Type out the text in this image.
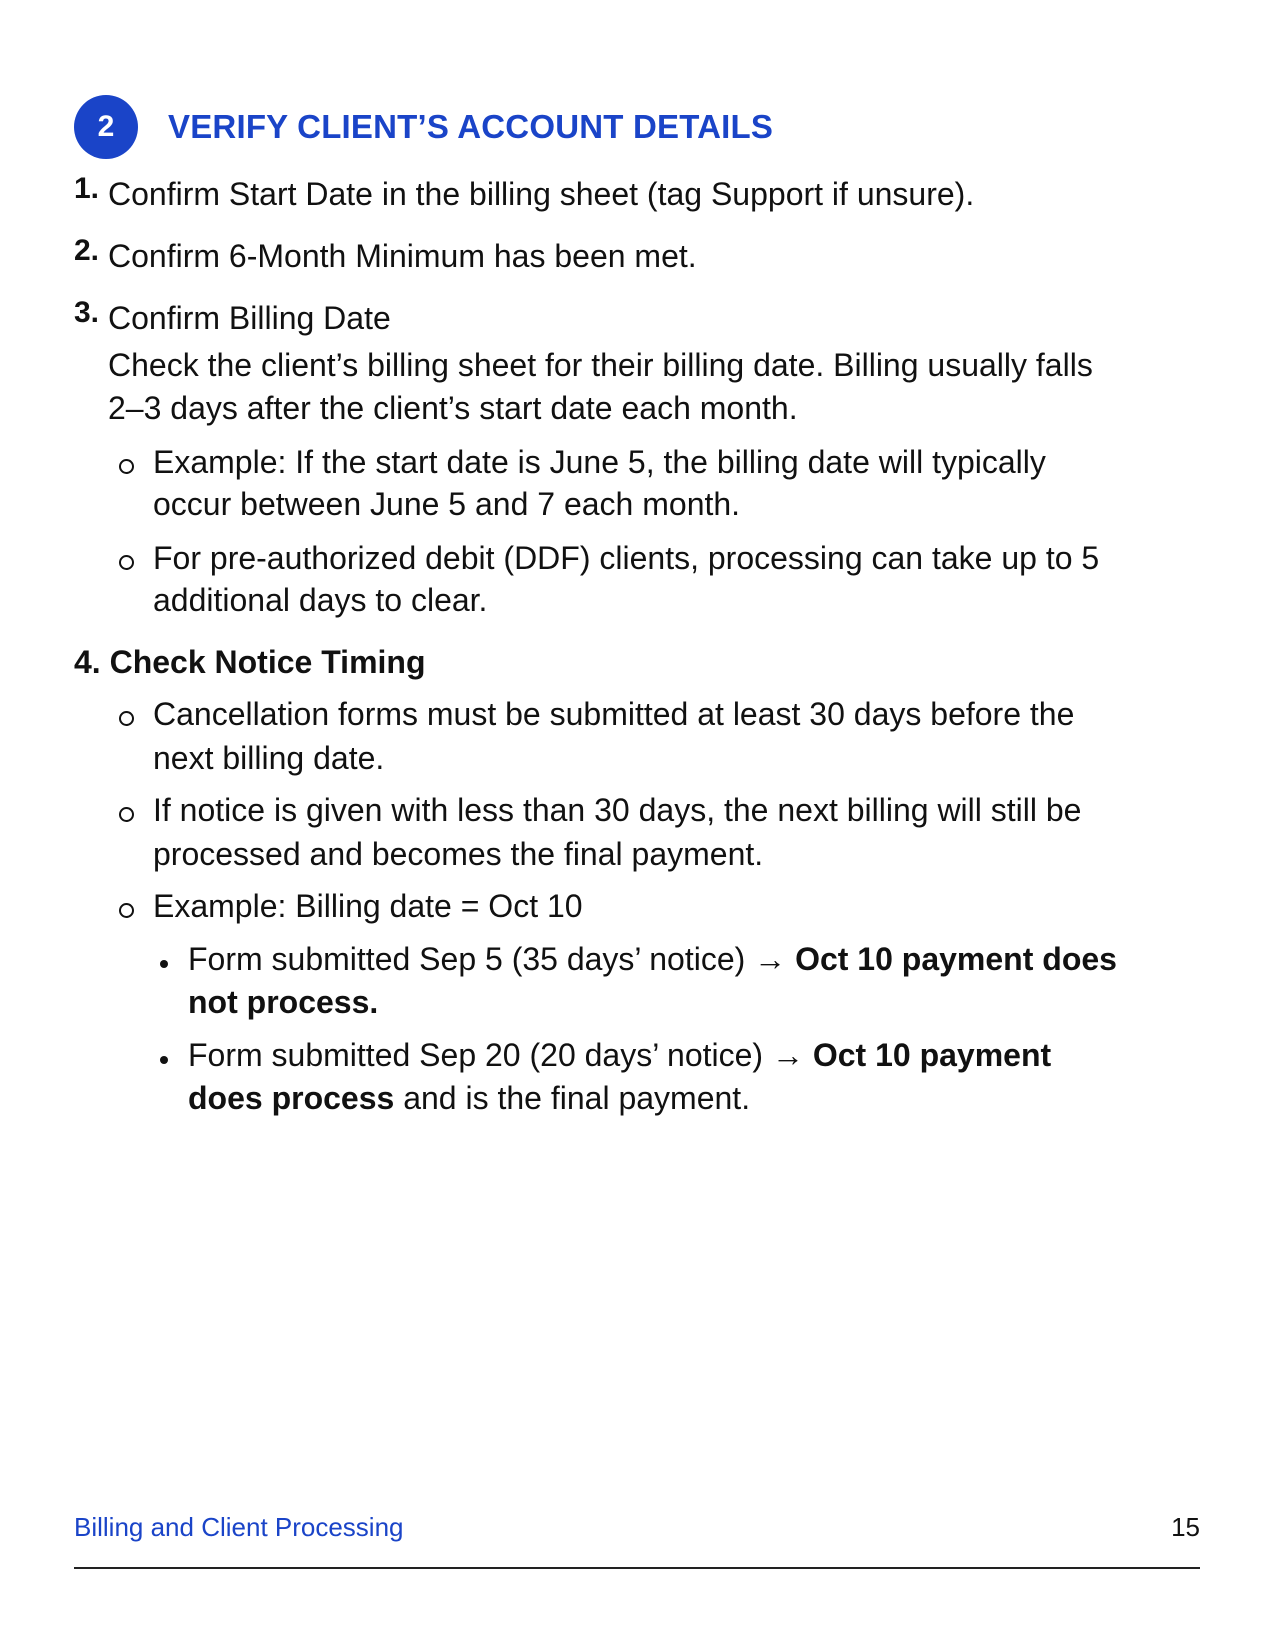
2	VERIFY CLIENT’S ACCOUNT DETAILS
1. Confirm Start Date in the billing sheet (tag Support if unsure).
2. Confirm 6-Month Minimum has been met.
3. Confirm Billing Date
Check the client’s billing sheet for their billing date. Billing usually falls
2–3 days after the client’s start date each month.
Example: If the start date is June 5, the billing date will typically
occur between June 5 and 7 each month.
For pre-authorized debit (DDF) clients, processing can take up to 5
additional days to clear.
4. Check Notice Timing
Cancellation forms must be submitted at least 30 days before the
next billing date.
If notice is given with less than 30 days, the next billing will still be
processed and becomes the final payment.
Example: Billing date = Oct 10
Form submitted Sep 5 (35 days’ notice) → Oct 10 payment does
not process.
Form submitted Sep 20 (20 days’ notice) → Oct 10 payment
does process and is the final payment.
Billing and Client Processing	15
